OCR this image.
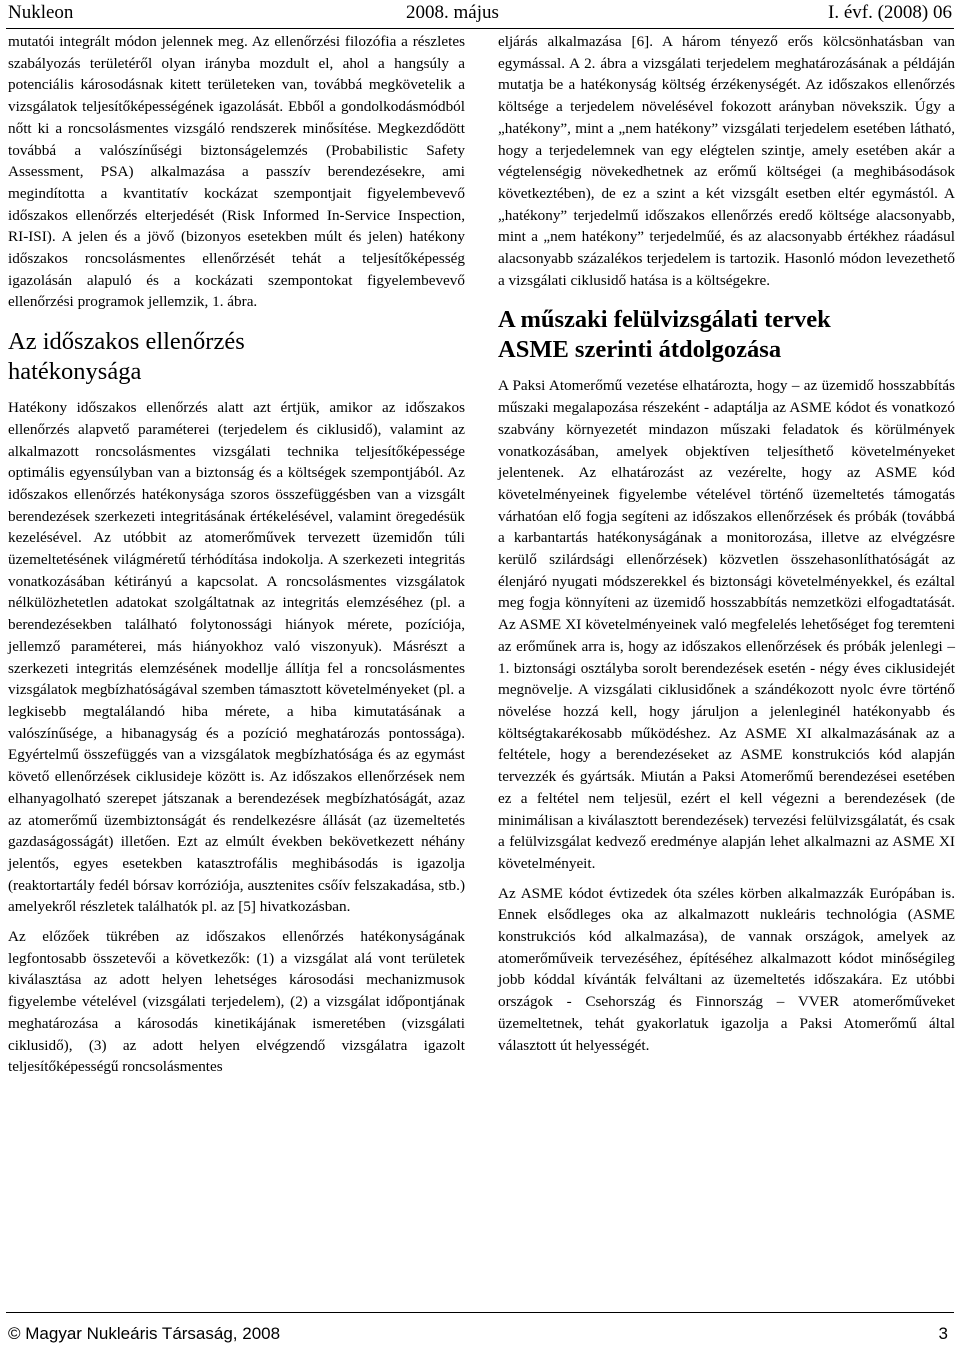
Nukleon	2008. május	I. évf. (2008) 06

mutatói integrált módon jelennek meg. Az ellenőrzési filozófia a részletes szabályozás területéről olyan irányba mozdult el, ahol a hangsúly a potenciális károsodásnak kitett területeken van, továbbá megkövetelik a vizsgálatok teljesítőképességének igazolását. Ebből a gondolkodásmódból nőtt ki a roncsolásmentes vizsgáló rendszerek minősítése. Megkezdődött továbbá a valószínűségi biztonságelemzés (Probabilistic Safety Assessment, PSA) alkalmazása a passzív berendezésekre, ami megindította a kvantitatív kockázat szempontjait figyelembevevő időszakos ellenőrzés elterjedését (Risk Informed In-Service Inspection, RI-ISI). A jelen és a jövő (bizonyos esetekben múlt és jelen) hatékony időszakos roncsolásmentes ellenőrzését tehát a teljesítőképesség igazolásán alapuló és a kockázati szempontokat figyelembevevő ellenőrzési programok jellemzik, 1. ábra.

Az időszakos ellenőrzés
hatékonysága

Hatékony időszakos ellenőrzés alatt azt értjük, amikor az időszakos ellenőrzés alapvető paraméterei (terjedelem és ciklusidő), valamint az alkalmazott roncsolásmentes vizsgálati technika teljesítőképessége optimális egyensúlyban van a biztonság és a költségek szempontjából. Az időszakos ellenőrzés hatékonysága szoros összefüggésben van a vizsgált berendezések szerkezeti integritásának értékelésével, valamint öregedésük kezelésével. Az utóbbit az atomerőművek tervezett üzemidőn túli üzemeltetésének világméretű térhódítása indokolja. A szerkezeti integritás vonatkozásában kétirányú a kapcsolat. A roncsolásmentes vizsgálatok nélkülözhetetlen adatokat szolgáltatnak az integritás elemzéséhez (pl. a berendezésekben található folytonossági hiányok mérete, pozíciója, jellemző paraméterei, más hiányokhoz való viszonyuk). Másrészt a szerkezeti integritás elemzésének modellje állítja fel a roncsolásmentes vizsgálatok megbízhatóságával szemben támasztott követelményeket (pl. a legkisebb megtalálandó hiba mérete, a hiba kimutatásának a valószínűsége, a hibanagyság és a pozíció meghatározás pontossága). Egyértelmű összefüggés van a vizsgálatok megbízhatósága és az egymást követő ellenőrzések ciklusideje között is. Az időszakos ellenőrzések nem elhanyagolható szerepet játszanak a berendezések megbízhatóságát, azaz az atomerőmű üzembiztonságát és rendelkezésre állását (az üzemeltetés gazdaságosságát) illetően. Ezt az elmúlt években bekövetkezett néhány jelentős, egyes esetekben katasztrofális meghibásodás is igazolja (reaktortartály fedél bórsav korróziója, ausztenites csőív felszakadása, stb.) amelyekről részletek találhatók pl. az [5] hivatkozásban.

Az előzőek tükrében az időszakos ellenőrzés hatékonyságának legfontosabb összetevői a következők: (1) a vizsgálat alá vont területek kiválasztása az adott helyen lehetséges károsodási mechanizmusok figyelembe vételével (vizsgálati terjedelem), (2) a vizsgálat időpontjának meghatározása a károsodás kinetikájának ismeretében (vizsgálati ciklusidő), (3) az adott helyen elvégzendő vizsgálatra igazolt teljesítőképességű roncsolásmentes

eljárás alkalmazása [6]. A három tényező erős kölcsönhatásban van egymással. A 2. ábra a vizsgálati terjedelem meghatározásának a példáján mutatja be a hatékonyság költség érzékenységét. Az időszakos ellenőrzés költsége a terjedelem növelésével fokozott arányban növekszik. Úgy a „hatékony”, mint a „nem hatékony” vizsgálati terjedelem esetében látható, hogy a terjedelemnek van egy elégtelen szintje, amely esetében akár a végtelenségig növekedhetnek az erőmű költségei (a meghibásodások következtében), de ez a szint a két vizsgált esetben eltér egymástól. A „hatékony” terjedelmű időszakos ellenőrzés eredő költsége alacsonyabb, mint a „nem hatékony” terjedelműé, és az alacsonyabb értékhez ráadásul alacsonyabb százalékos terjedelem is tartozik. Hasonló módon levezethető a vizsgálati ciklusidő hatása is a költségekre.

A műszaki felülvizsgálati tervek
ASME szerinti átdolgozása

A Paksi Atomerőmű vezetése elhatározta, hogy – az üzemidő hosszabbítás műszaki megalapozása részeként - adaptálja az ASME kódot és vonatkozó szabvány környezetét mindazon műszaki feladatok és körülmények vonatkozásában, amelyek objektíven teljesíthető követelményeket jelentenek. Az elhatározást az vezérelte, hogy az ASME kód követelményeinek figyelembe vételével történő üzemeltetés támogatás várhatóan elő fogja segíteni az időszakos ellenőrzések és próbák (továbbá a karbantartás hatékonyságának a monitorozása, illetve az elvégzésre kerülő szilárdsági ellenőrzések) közvetlen összehasonlíthatóságát az élenjáró nyugati módszerekkel és biztonsági követelményekkel, és ezáltal meg fogja könnyíteni az üzemidő hosszabbítás nemzetközi elfogadtatását. Az ASME XI követelményeinek való megfelelés lehetőséget fog teremteni az erőműnek arra is, hogy az időszakos ellenőrzések és próbák jelenlegi – 1. biztonsági osztályba sorolt berendezések esetén - négy éves ciklusidejét megnövelje. A vizsgálati ciklusidőnek a szándékozott nyolc évre történő növelése hozzá kell, hogy járuljon a jelenleginél hatékonyabb és költségtakarékosabb működéshez. Az ASME XI alkalmazásának az a feltétele, hogy a berendezéseket az ASME konstrukciós kód alapján tervezzék és gyártsák. Miután a Paksi Atomerőmű berendezései esetében ez a feltétel nem teljesül, ezért el kell végezni a berendezések (de minimálisan a kiválasztott berendezések) tervezési felülvizsgálatát, és csak a felülvizsgálat kedvező eredménye alapján lehet alkalmazni az ASME XI követelményeit.

Az ASME kódot évtizedek óta széles körben alkalmazzák Európában is. Ennek elsődleges oka az alkalmazott nukleáris technológia (ASME konstrukciós kód alkalmazása), de vannak országok, amelyek az atomerőműveik tervezéséhez, építéséhez alkalmazott kódot minőségileg jobb kóddal kívánták felváltani az üzemeltetés időszakára. Ez utóbbi országok - Csehország és Finnország – VVER atomerőműveket üzemeltetnek, tehát gyakorlatuk igazolja a Paksi Atomerőmű által választott út helyességét.

© Magyar Nukleáris Társaság, 2008	3
